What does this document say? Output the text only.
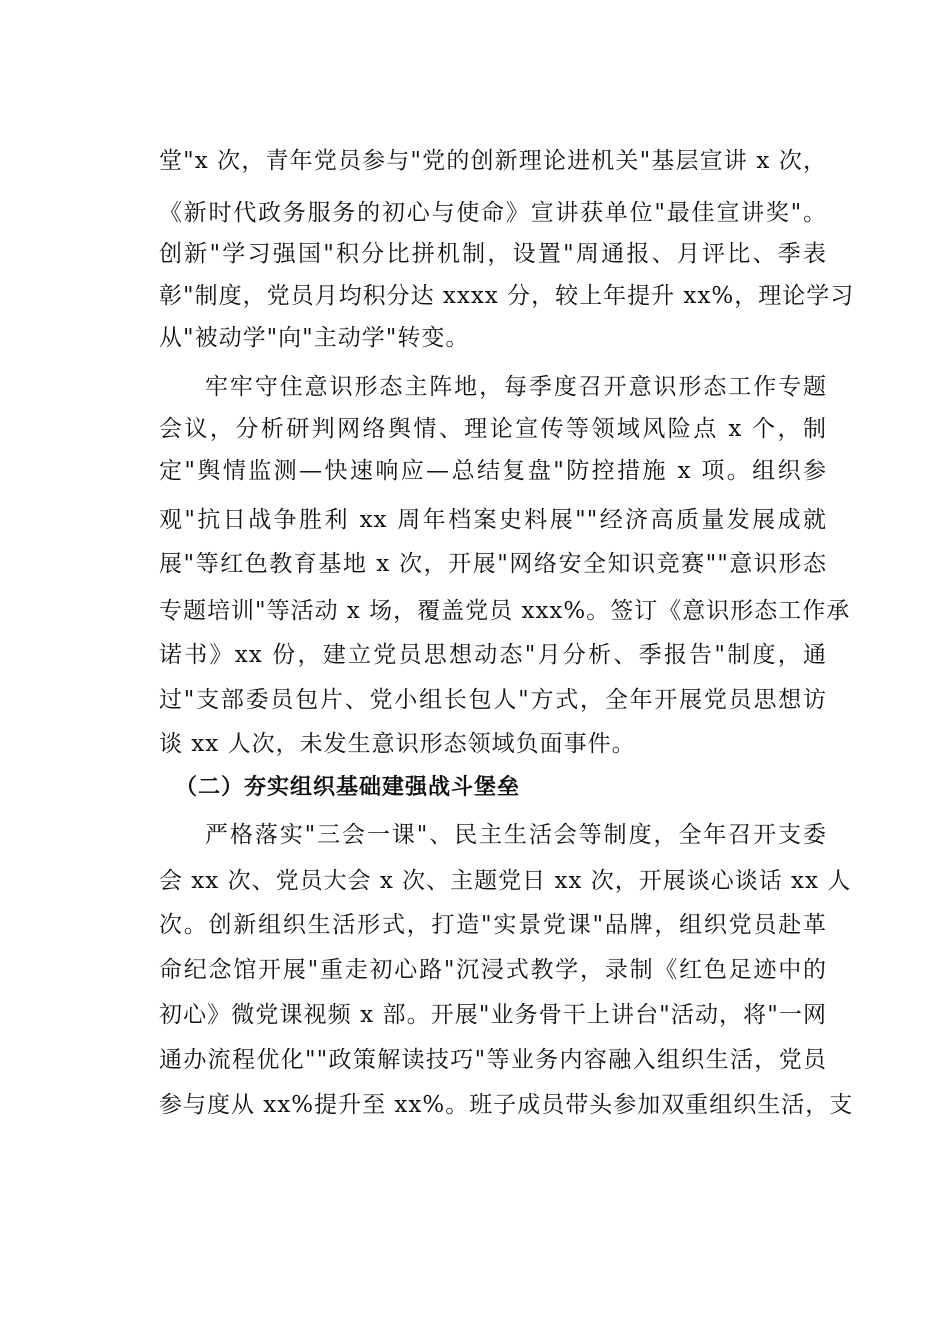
堂"x 次，青年党员参与"党的创新理论进机关"基层宣讲 x 次，
《新时代政务服务的初心与使命》宣讲获单位"最佳宣讲奖"。
创新"学习强国"积分比拼机制，设置"周通报、月评比、季表
彰"制度，党员月均积分达 xxxx 分，较上年提升 xx%，理论学习
从"被动学"向"主动学"转变。
牢牢守住意识形态主阵地，每季度召开意识形态工作专题
会议，分析研判网络舆情、理论宣传等领域风险点 x 个，制
定"舆情监测—快速响应—总结复盘"防控措施 x 项。组织参
观"抗日战争胜利 xx 周年档案史料展""经济高质量发展成就
展"等红色教育基地 x 次，开展"网络安全知识竞赛""意识形态
专题培训"等活动 x 场，覆盖党员 xxx%。签订《意识形态工作承
诺书》xx 份，建立党员思想动态"月分析、季报告"制度，通
过"支部委员包片、党小组长包人"方式，全年开展党员思想访
谈 xx 人次，未发生意识形态领域负面事件。
（二）夯实组织基础建强战斗堡垒
严格落实"三会一课"、民主生活会等制度，全年召开支委
会 xx 次、党员大会 x 次、主题党日 xx 次，开展谈心谈话 xx 人
次。创新组织生活形式，打造"实景党课"品牌，组织党员赴革
命纪念馆开展"重走初心路"沉浸式教学，录制《红色足迹中的
初心》微党课视频 x 部。开展"业务骨干上讲台"活动，将"一网
通办流程优化""政策解读技巧"等业务内容融入组织生活，党员
参与度从 xx%提升至 xx%。班子成员带头参加双重组织生活，支
